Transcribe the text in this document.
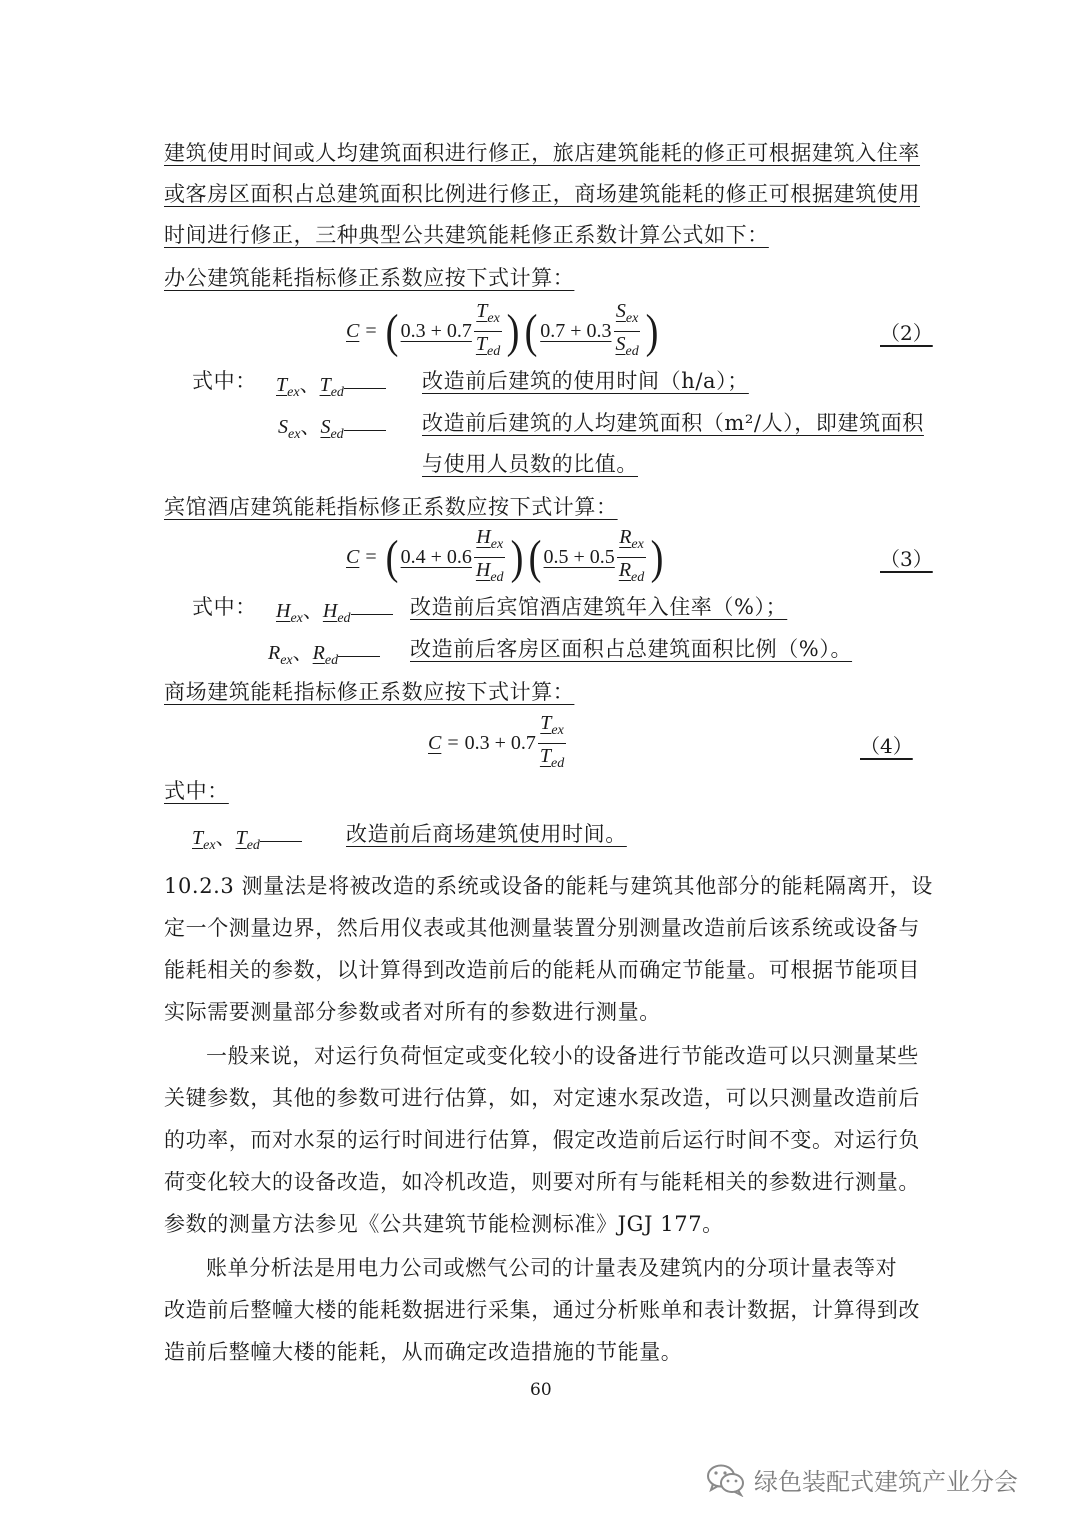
建筑使用时间或人均建筑面积进行修正，旅店建筑能耗的修正可根据建筑入住率
或客房区面积占总建筑面积比例进行修正，商场建筑能耗的修正可根据建筑使用
时间进行修正，三种典型公共建筑能耗修正系数计算公式如下：
办公建筑能耗指标修正系数应按下式计算：
C = ( $0.3 + 0.7 \frac{T_{ex}}{T_{ed}}$ ) ( $0.7 + 0.3 \frac{S_{ex}}{S_{ed}}$ )	（2）
式中： $T_{ex}$、$T_{ed}$	改造前后建筑的使用时间（h/a）；
$S_{ex}$、$S_{ed}$	改造前后建筑的人均建筑面积（m²/人），即建筑面积
与使用人员数的比值。
宾馆酒店建筑能耗指标修正系数应按下式计算：
C = ( $0.4 + 0.6 \frac{H_{ex}}{H_{ed}}$ ) ( $0.5 + 0.5 \frac{R_{ex}}{R_{ed}}$ )	（3）
式中： $H_{ex}$、$H_{ed}$	改造前后宾馆酒店建筑年入住率（%）；
$R_{ex}$、$R_{ed}$	改造前后客房区面积占总建筑面积比例（%）。
商场建筑能耗指标修正系数应按下式计算：
$C = 0.3 + 0.7 \frac{T_{ex}}{T_{ed}}$	（4）
式中：
$T_{ex}$、$T_{ed}$	改造前后商场建筑使用时间。
10.2.3 测量法是将被改造的系统或设备的能耗与建筑其他部分的能耗隔离开，设
定一个测量边界，然后用仪表或其他测量装置分别测量改造前后该系统或设备与
能耗相关的参数，以计算得到改造前后的能耗从而确定节能量。可根据节能项目
实际需要测量部分参数或者对所有的参数进行测量。
一般来说，对运行负荷恒定或变化较小的设备进行节能改造可以只测量某些
关键参数，其他的参数可进行估算，如，对定速水泵改造，可以只测量改造前后
的功率，而对水泵的运行时间进行估算，假定改造前后运行时间不变。对运行负
荷变化较大的设备改造，如冷机改造，则要对所有与能耗相关的参数进行测量。
参数的测量方法参见《公共建筑节能检测标准》JGJ 177。
账单分析法是用电力公司或燃气公司的计量表及建筑内的分项计量表等对
改造前后整幢大楼的能耗数据进行采集，通过分析账单和表计数据，计算得到改
造前后整幢大楼的能耗，从而确定改造措施的节能量。
60
绿色装配式建筑产业分会
